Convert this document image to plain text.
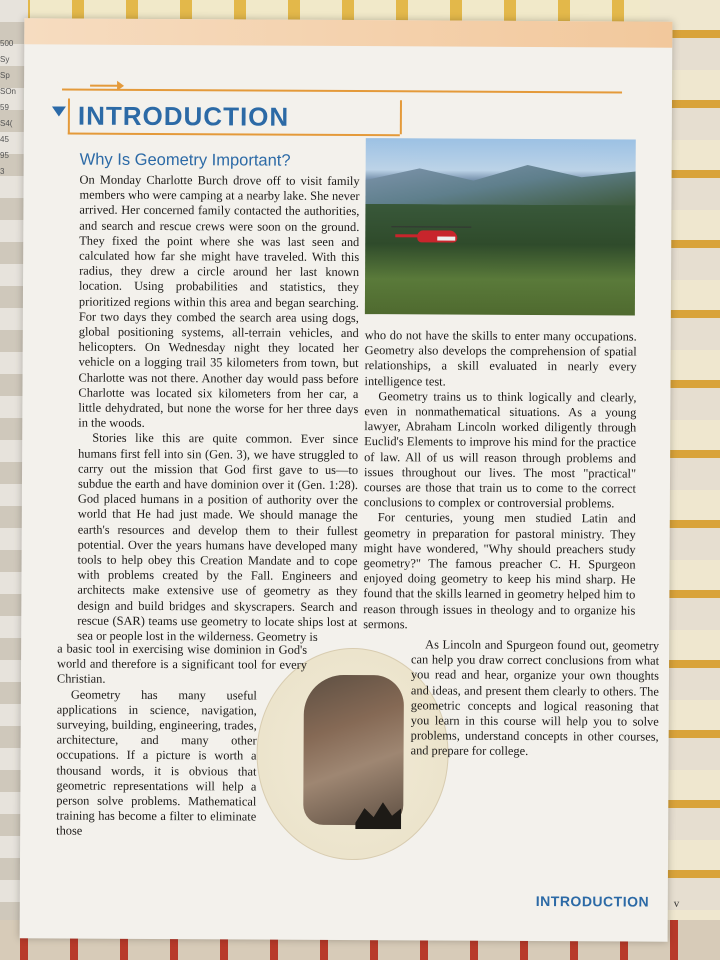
500
Sy
Sp
SOn
59
S4(
45
95
3
INTRODUCTION
Why Is Geometry Important?

On Monday Charlotte Burch drove off to visit family members who were camping at a nearby lake. She never arrived. Her concerned family contacted the authorities, and search and rescue crews were soon on the ground. They fixed the point where she was last seen and calculated how far she might have traveled. With this radius, they drew a circle around her last known location. Using probabilities and statistics, they prioritized regions within this area and began searching. For two days they combed the search area using dogs, global positioning systems, all-terrain vehicles, and helicopters. On Wednesday night they located her vehicle on a logging trail 35 kilometers from town, but Charlotte was not there. Another day would pass before Charlotte was located six kilometers from her car, a little dehydrated, but none the worse for her three days in the woods.

Stories like this are quite common. Ever since humans first fell into sin (Gen. 3), we have struggled to carry out the mission that God first gave to us—to subdue the earth and have dominion over it (Gen. 1:28). God placed humans in a position of authority over the world that He had just made. We should manage the earth's resources and develop them to their fullest potential. Over the years humans have developed many tools to help obey this Creation Mandate and to cope with problems created by the Fall. Engineers and architects make extensive use of geometry as they design and build bridges and skyscrapers. Search and rescue (SAR) teams use geometry to locate ships lost at sea or people lost in the wilderness. Geometry is

who do not have the skills to enter many occupations. Geometry also develops the comprehension of spatial relationships, a skill evaluated in nearly every intelligence test.

Geometry trains us to think logically and clearly, even in nonmathematical situations. As a young lawyer, Abraham Lincoln worked diligently through Euclid's Elements to improve his mind for the practice of law. All of us will reason through problems and issues throughout our lives. The most "practical" courses are those that train us to come to the correct conclusions to complex or controversial problems.

For centuries, young men studied Latin and geometry in preparation for pastoral ministry. They might have wondered, "Why should preachers study geometry?" The famous preacher C. H. Spurgeon enjoyed doing geometry to keep his mind sharp. He found that the skills learned in geometry helped him to reason through issues in theology and to organize his sermons.

a basic tool in exercising wise dominion in God's world and therefore is a significant tool for every Christian.

Geometry has many useful applications in science, navigation, surveying, building, engineering, trades, architecture, and many other occupations. If a picture is worth a thousand words, it is obvious that geometric representations will help a person solve problems. Mathematical training has become a filter to eliminate those

As Lincoln and Spurgeon found out, geometry can help you draw correct conclusions from what you read and hear, organize your own thoughts and ideas, and present them clearly to others. The geometric concepts and logical reasoning that you learn in this course will help you to solve problems, understand concepts in other courses, and prepare for college.

INTRODUCTION v
